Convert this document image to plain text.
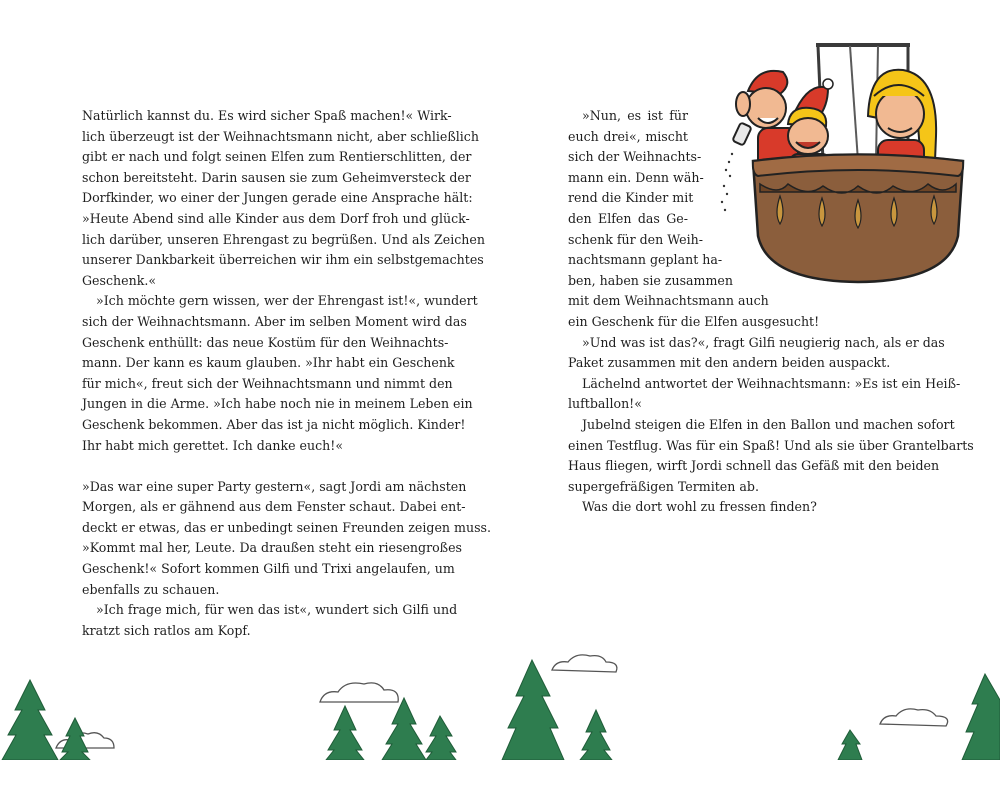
Natürlich kannst du. Es wird sicher Spaß machen!« Wirk-
lich überzeugt ist der Weihnachtsmann nicht, aber schließlich
gibt er nach und folgt seinen Elfen zum Rentierschlitten, der
schon bereitsteht. Darin sausen sie zum Geheimversteck der
Dorfkinder, wo einer der Jungen gerade eine Ansprache hält:
»Heute Abend sind alle Kinder aus dem Dorf froh und glück-
lich darüber, unseren Ehrengast zu begrüßen. Und als Zeichen
unserer Dankbarkeit überreichen wir ihm ein selbstgemachtes
Geschenk.«
»Ich möchte gern wissen, wer der Ehrengast ist!«, wundert
sich der Weihnachtsmann. Aber im selben Moment wird das
Geschenk enthüllt: das neue Kostüm für den Weihnachts-
mann. Der kann es kaum glauben. »Ihr habt ein Geschenk
für mich«, freut sich der Weihnachtsmann und nimmt den
Jungen in die Arme. »Ich habe noch nie in meinem Leben ein
Geschenk bekommen. Aber das ist ja nicht möglich. Kinder!
Ihr habt mich gerettet. Ich danke euch!«
»Das war eine super Party gestern«, sagt Jordi am nächsten
Morgen, als er gähnend aus dem Fenster schaut. Dabei ent-
deckt er etwas, das er unbedingt seinen Freunden zeigen muss.
»Kommt mal her, Leute. Da draußen steht ein riesengroßes
Geschenk!« Sofort kommen Gilfi und Trixi angelaufen, um
ebenfalls zu schauen.
»Ich frage mich, für wen das ist«, wundert sich Gilfi und
kratzt sich ratlos am Kopf.
»Nun, es ist für
euch drei«, mischt
sich der Weihnachts-
mann ein. Denn wäh-
rend die Kinder mit
den Elfen das Ge-
schenk für den Weih-
nachtsmann geplant ha-
ben, haben sie zusammen
mit dem Weihnachtsmann auch
ein Geschenk für die Elfen ausgesucht!
»Und was ist das?«, fragt Gilfi neugierig nach, als er das
Paket zusammen mit den andern beiden auspackt.
Lächelnd antwortet der Weihnachtsmann: »Es ist ein Heiß-
luftballon!«
Jubelnd steigen die Elfen in den Ballon und machen sofort
einen Testflug. Was für ein Spaß! Und als sie über Grantelbarts
Haus fliegen, wirft Jordi schnell das Gefäß mit den beiden
supergefräßigen Termiten ab.
Was die dort wohl zu fressen finden?
